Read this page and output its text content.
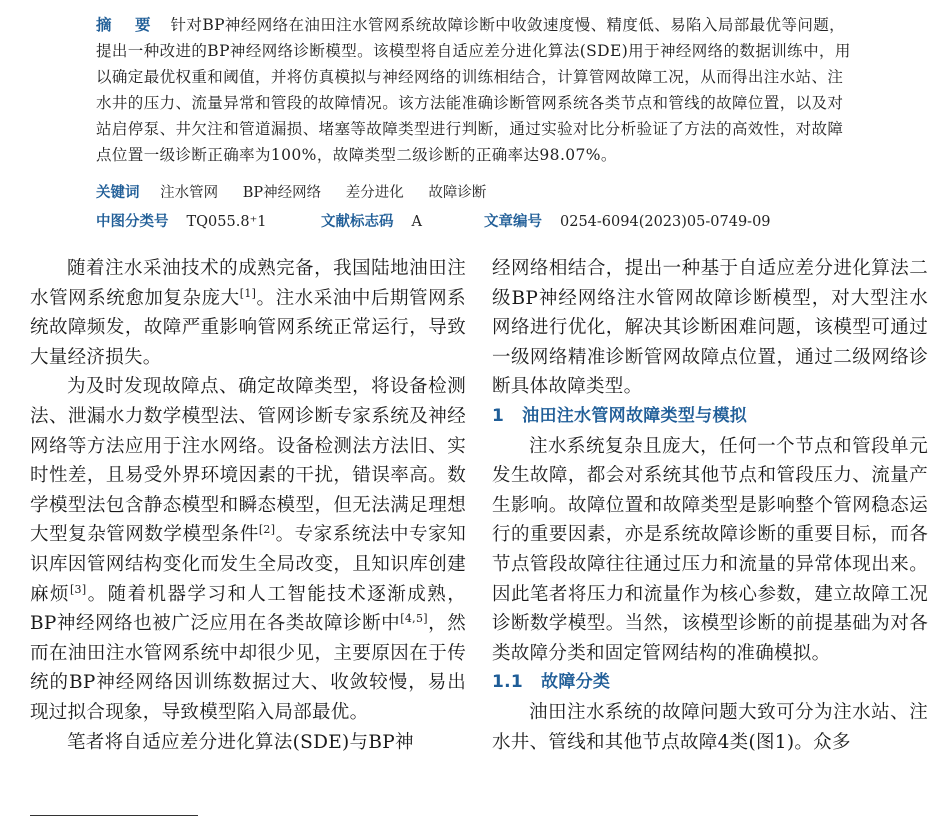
摘　要 针对BP神经网络在油田注水管网系统故障诊断中收敛速度慢、精度低、易陷入局部最优等问题，提出一种改进的BP神经网络诊断模型。该模型将自适应差分进化算法(SDE)用于神经网络的数据训练中，用以确定最优权重和阈值，并将仿真模拟与神经网络的训练相结合，计算管网故障工况，从而得出注水站、注水井的压力、流量异常和管段的故障情况。该方法能准确诊断管网系统各类节点和管线的故障位置，以及对站启停泵、井欠注和管道漏损、堵塞等故障类型进行判断，通过实验对比分析验证了方法的高效性，对故障点位置一级诊断正确率为100%，故障类型二级诊断的正确率达98.07%。
关键词 注水管网 BP神经网络 差分进化 故障诊断
中图分类号 TQ055.8⁺1	文献标志码 A	文章编号 0254-6094(2023)05-0749-09

随着注水采油技术的成熟完备，我国陆地油田注水管网系统愈加复杂庞大[1]。注水采油中后期管网系统故障频发，故障严重影响管网系统正常运行，导致大量经济损失。

为及时发现故障点、确定故障类型，将设备检测法、泄漏水力数学模型法、管网诊断专家系统及神经网络等方法应用于注水网络。设备检测法方法旧、实时性差，且易受外界环境因素的干扰，错误率高。数学模型法包含静态模型和瞬态模型，但无法满足理想大型复杂管网数学模型条件[2]。专家系统法中专家知识库因管网结构变化而发生全局改变，且知识库创建麻烦[3]。随着机器学习和人工智能技术逐渐成熟，BP神经网络也被广泛应用在各类故障诊断中[4,5]，然而在油田注水管网系统中却很少见，主要原因在于传统的BP神经网络因训练数据过大、收敛较慢，易出现过拟合现象，导致模型陷入局部最优。

笔者将自适应差分进化算法(SDE)与BP神

经网络相结合，提出一种基于自适应差分进化算法二级BP神经网络注水管网故障诊断模型，对大型注水网络进行优化，解决其诊断困难问题，该模型可通过一级网络精准诊断管网故障点位置，通过二级网络诊断具体故障类型。

1 油田注水管网故障类型与模拟

注水系统复杂且庞大，任何一个节点和管段单元发生故障，都会对系统其他节点和管段压力、流量产生影响。故障位置和故障类型是影响整个管网稳态运行的重要因素，亦是系统故障诊断的重要目标，而各节点管段故障往往通过压力和流量的异常体现出来。因此笔者将压力和流量作为核心参数，建立故障工况诊断数学模型。当然，该模型诊断的前提基础为对各类故障分类和固定管网结构的准确模拟。

1.1 故障分类

油田注水系统的故障问题大致可分为注水站、注水井、管线和其他节点故障4类(图1)。众多
